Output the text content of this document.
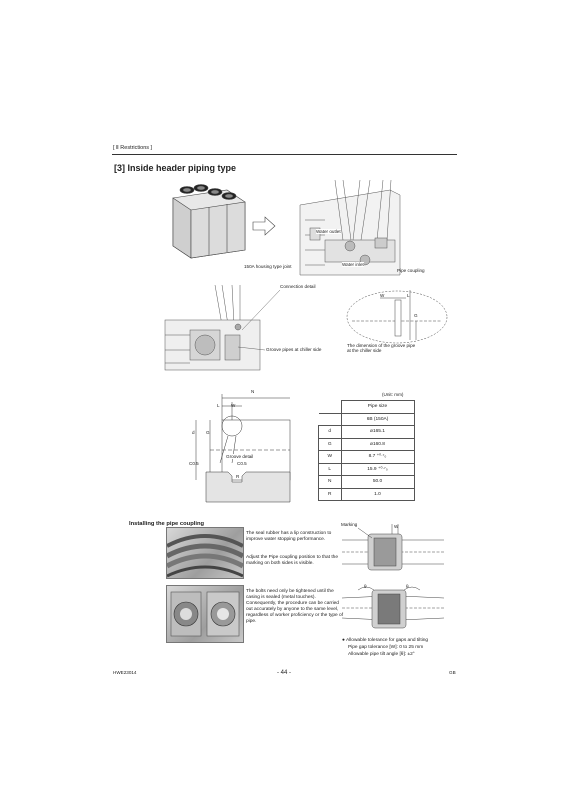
[ Ⅱ Restrictions ]
[3] Inside header piping type
Water outlet
Water inlet
150A housing type joint
Pipe coupling
Connection detail
Groove pipes at chiller side
The dimension of the groove pipe
at the chiller side
W	L
G
N
L W
d G
Groove detail
C0.5	C0.5
R
(Unit: mm)
	Pipe size
	6B (150A)
d	ø165.1
G	ø160.8
W	8.7 ⁺⁰·⁷₀
L	15.9 ⁺⁰·⁷₀
N	50.0
R	1.0
Installing the pipe coupling
The seal rubber has a lip construction to improve water stopping performance.
Adjust the Pipe coupling position to that the marking on both sides is visible.
The bolts need only be tightened until the casing is sealed (metal touches). Consequently, the procedure can be carried out accurately by anyone to the same level, regardless of worker proficiency or the type of pipe.
Marking	W
θ	θ
● Allowable tolerance for gaps and tilting
Pipe gap tolerance [W]: 0 to 25 mm
Allowable pipe tilt angle [θ]: ±2°
HWE23014	- 44 -	GB
